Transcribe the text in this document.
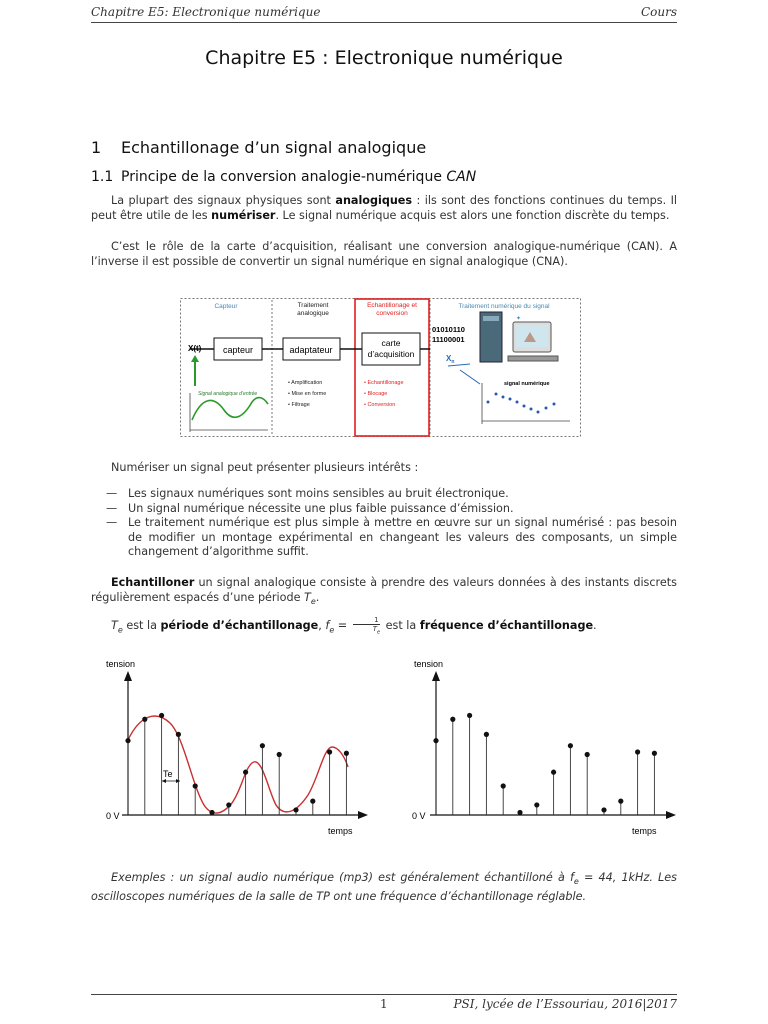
Chapitre E5: Electronique numérique	Cours
Chapitre E5 : Electronique numérique
1 Echantillonage d’un signal analogique
1.1 Principe de la conversion analogie-numérique CAN
La plupart des signaux physiques sont analogiques : ils sont des fonctions continues du temps. Il peut être utile de les numériser. Le signal numérique acquis est alors une fonction discrète du temps.
C’est le rôle de la carte d’acquisition, réalisant une conversion analogique-numérique (CAN). A l’inverse il est possible de convertir un signal numérique en signal analogique (CNA).
Capteur	Traitement
analogique
Echantillonage et
conversion
Traitement numérique du signal
capteur	adaptateur
carte
d’acquisition
X(t)
Signal analogique d’entrée
• Amplification
• Mise en forme
• Filtrage
• Echantillonage
• Blocage
• Conversion
01010110
11100001
$X_n$
✦
signal numérique
Numériser un signal peut présenter plusieurs intérêts :
— Les signaux numériques sont moins sensibles au bruit électronique.
— Un signal numérique nécessite une plus faible puissance d’émission.
— Le traitement numérique est plus simple à mettre en œuvre sur un signal numérisé : pas besoin de modifier un montage expérimental en changeant les valeurs des composants, un simple changement d’algorithme suffit.
Echantilloner un signal analogique consiste à prendre des valeurs données à des instants discrets régulièrement espacés d’une période $T_e$.
$T_e$ est la période d’échantillonage, $f_e = \frac{1}{T_e}$ est la fréquence d’échantillonage.
tension
0 V
temps
Te
tension
0 V
temps
Exemples : un signal audio numérique (mp3) est généralement échantilloné à $f_e = 44$, 1kHz. Les oscilloscopes numériques de la salle de TP ont une fréquence d’échantillonage réglable.
1	PSI, lycée de l’Essouriau, 2016|2017
